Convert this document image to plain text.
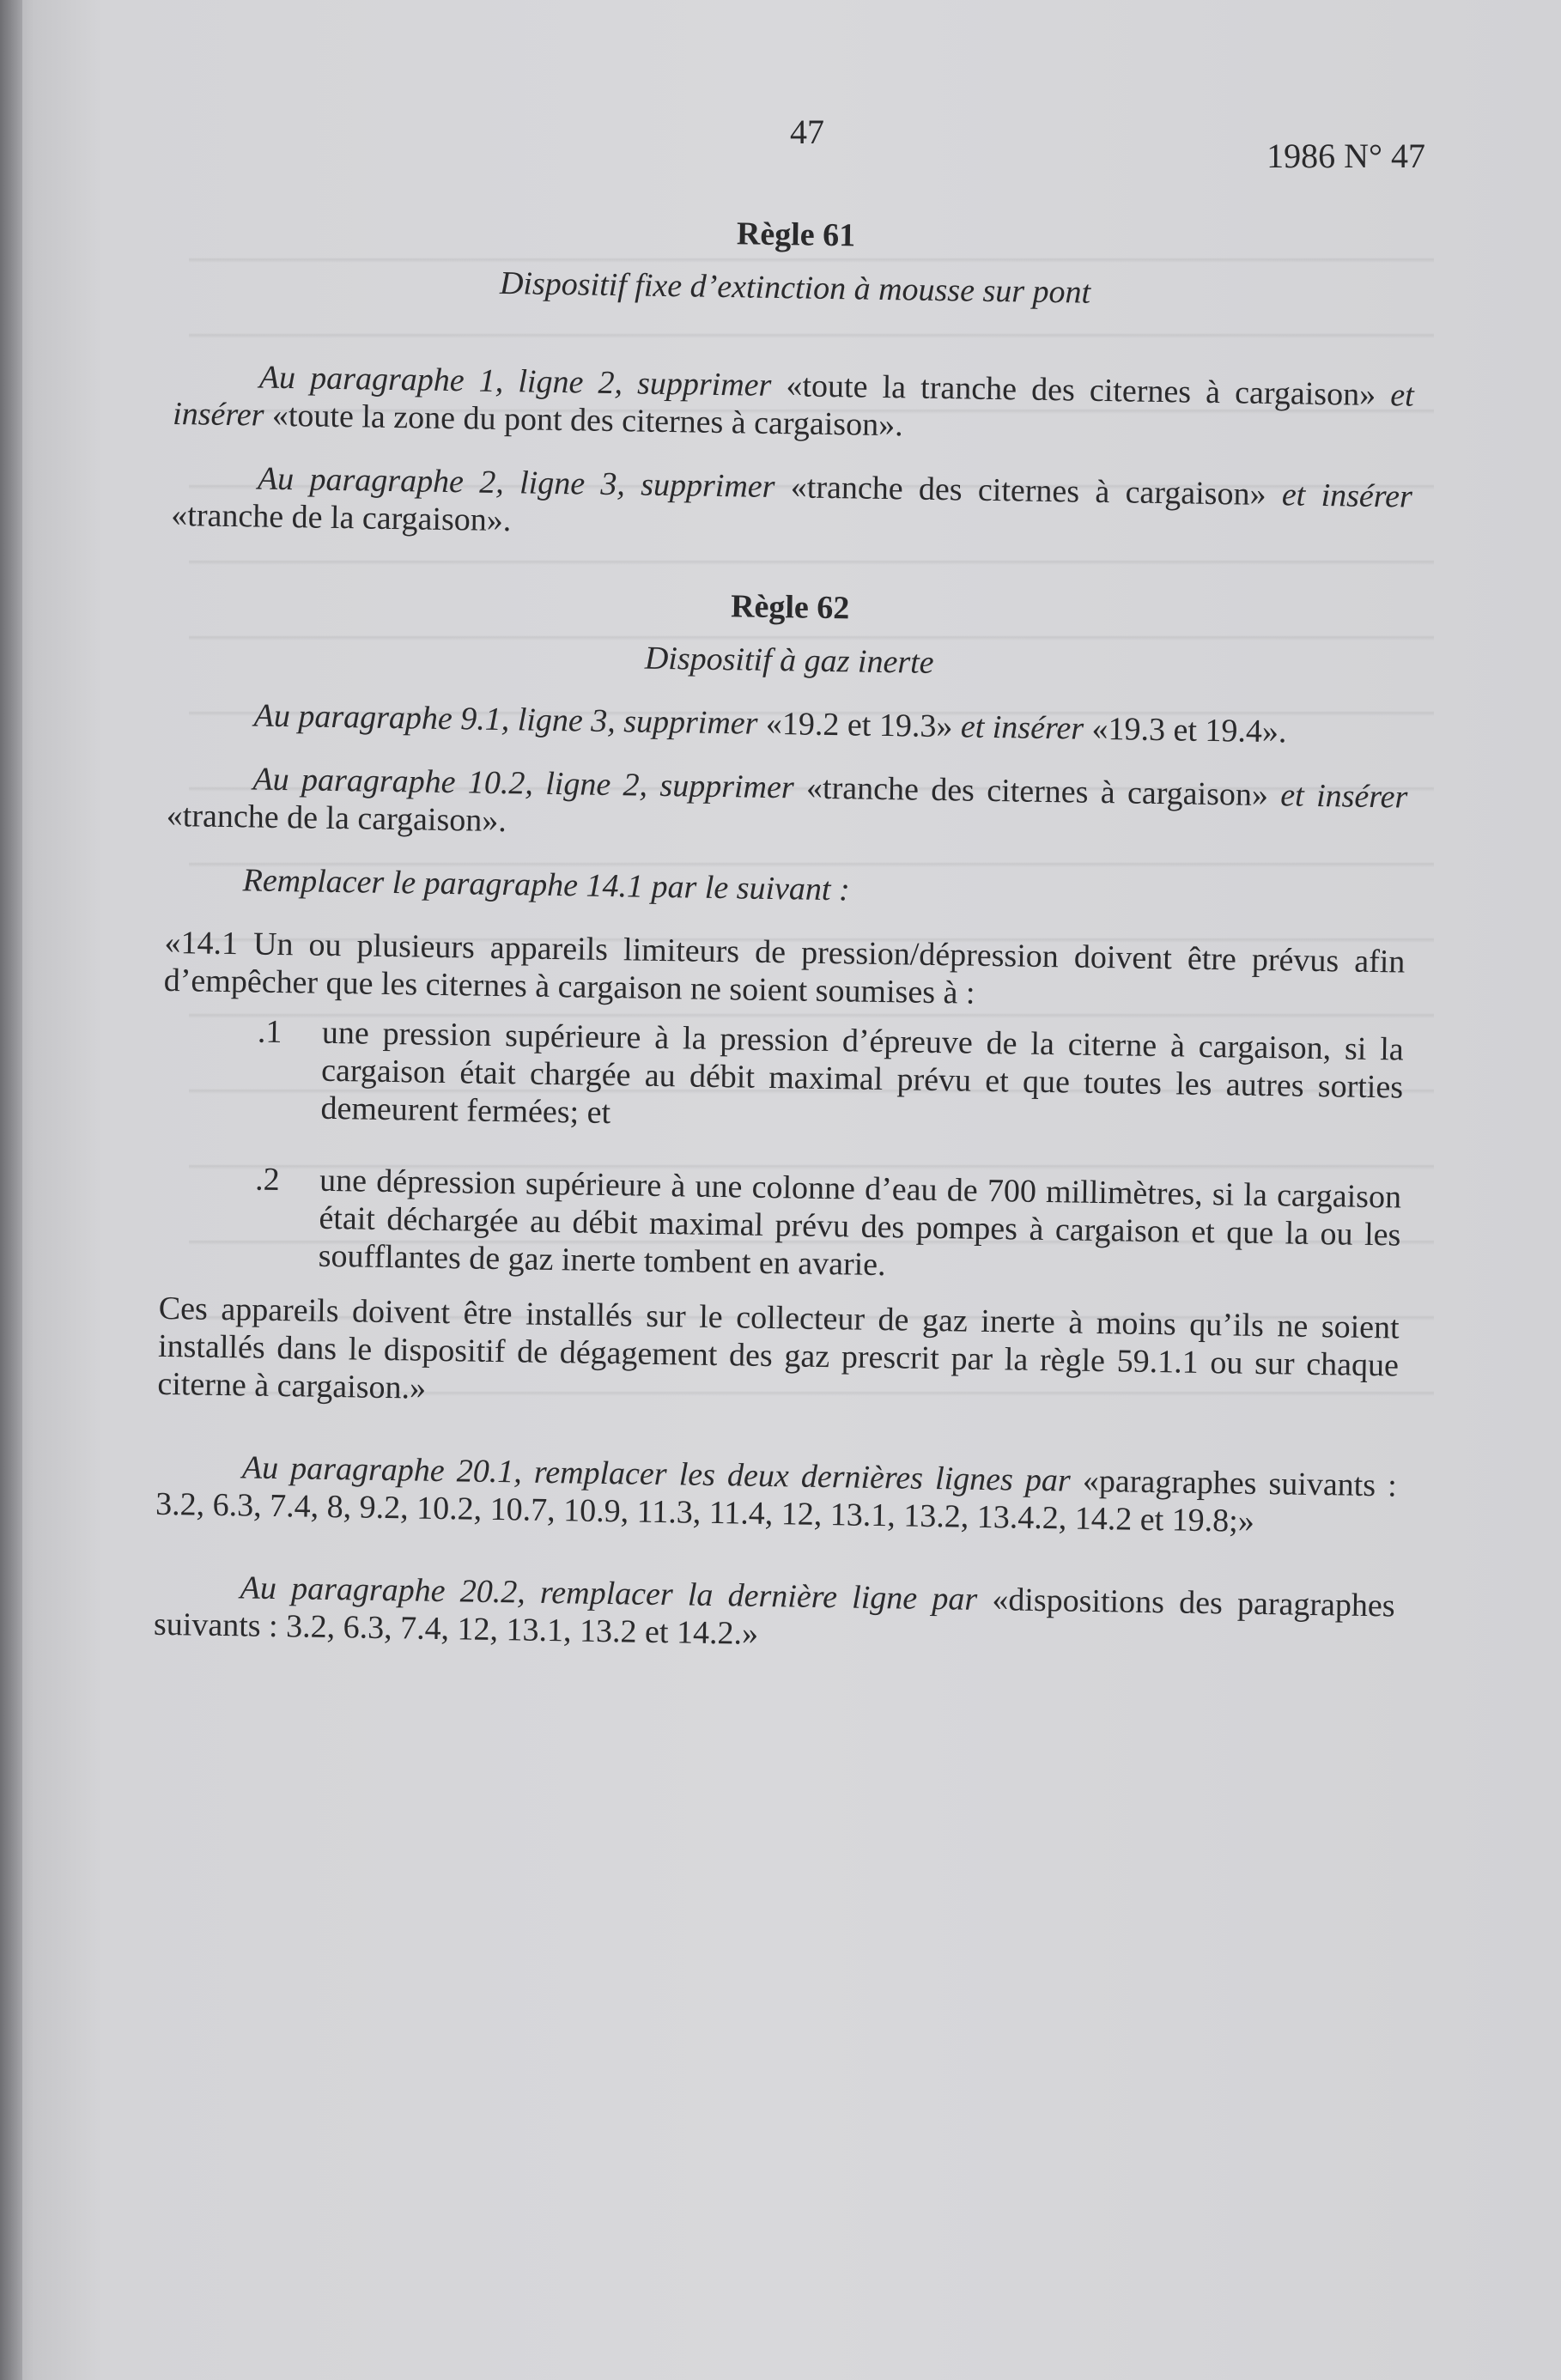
47
1986 N° 47
Règle 61

Dispositif fixe d’extinction à mousse sur pont

Au paragraphe 1, ligne 2, supprimer «toute la tranche des citernes à cargaison» et insérer «toute la zone du pont des citernes à cargaison».

Au paragraphe 2, ligne 3, supprimer «tranche des citernes à cargaison» et insérer «tranche de la cargaison».

Règle 62

Dispositif à gaz inerte

Au paragraphe 9.1, ligne 3, supprimer «19.2 et 19.3» et insérer «19.3 et 19.4».

Au paragraphe 10.2, ligne 2, supprimer «tranche des citernes à cargaison» et insérer «tranche de la cargaison».

Remplacer le paragraphe 14.1 par le suivant :

«14.1 Un ou plusieurs appareils limiteurs de pression/dépression doivent être prévus afin d’empêcher que les citernes à cargaison ne soient soumises à :

.1 une pression supérieure à la pression d’épreuve de la citerne à cargaison, si la cargaison était chargée au débit maximal prévu et que toutes les autres sorties demeurent fermées; et

.2 une dépression supérieure à une colonne d’eau de 700 millimètres, si la cargaison était déchargée au débit maximal prévu des pompes à cargaison et que la ou les soufflantes de gaz inerte tombent en avarie.

Ces appareils doivent être installés sur le collecteur de gaz inerte à moins qu’ils ne soient installés dans le dispositif de dégagement des gaz prescrit par la règle 59.1.1 ou sur chaque citerne à cargaison.»

Au paragraphe 20.1, remplacer les deux dernières lignes par «paragraphes suivants : 3.2, 6.3, 7.4, 8, 9.2, 10.2, 10.7, 10.9, 11.3, 11.4, 12, 13.1, 13.2, 13.4.2, 14.2 et 19.8;»

Au paragraphe 20.2, remplacer la dernière ligne par «dispositions des paragraphes suivants : 3.2, 6.3, 7.4, 12, 13.1, 13.2 et 14.2.»
